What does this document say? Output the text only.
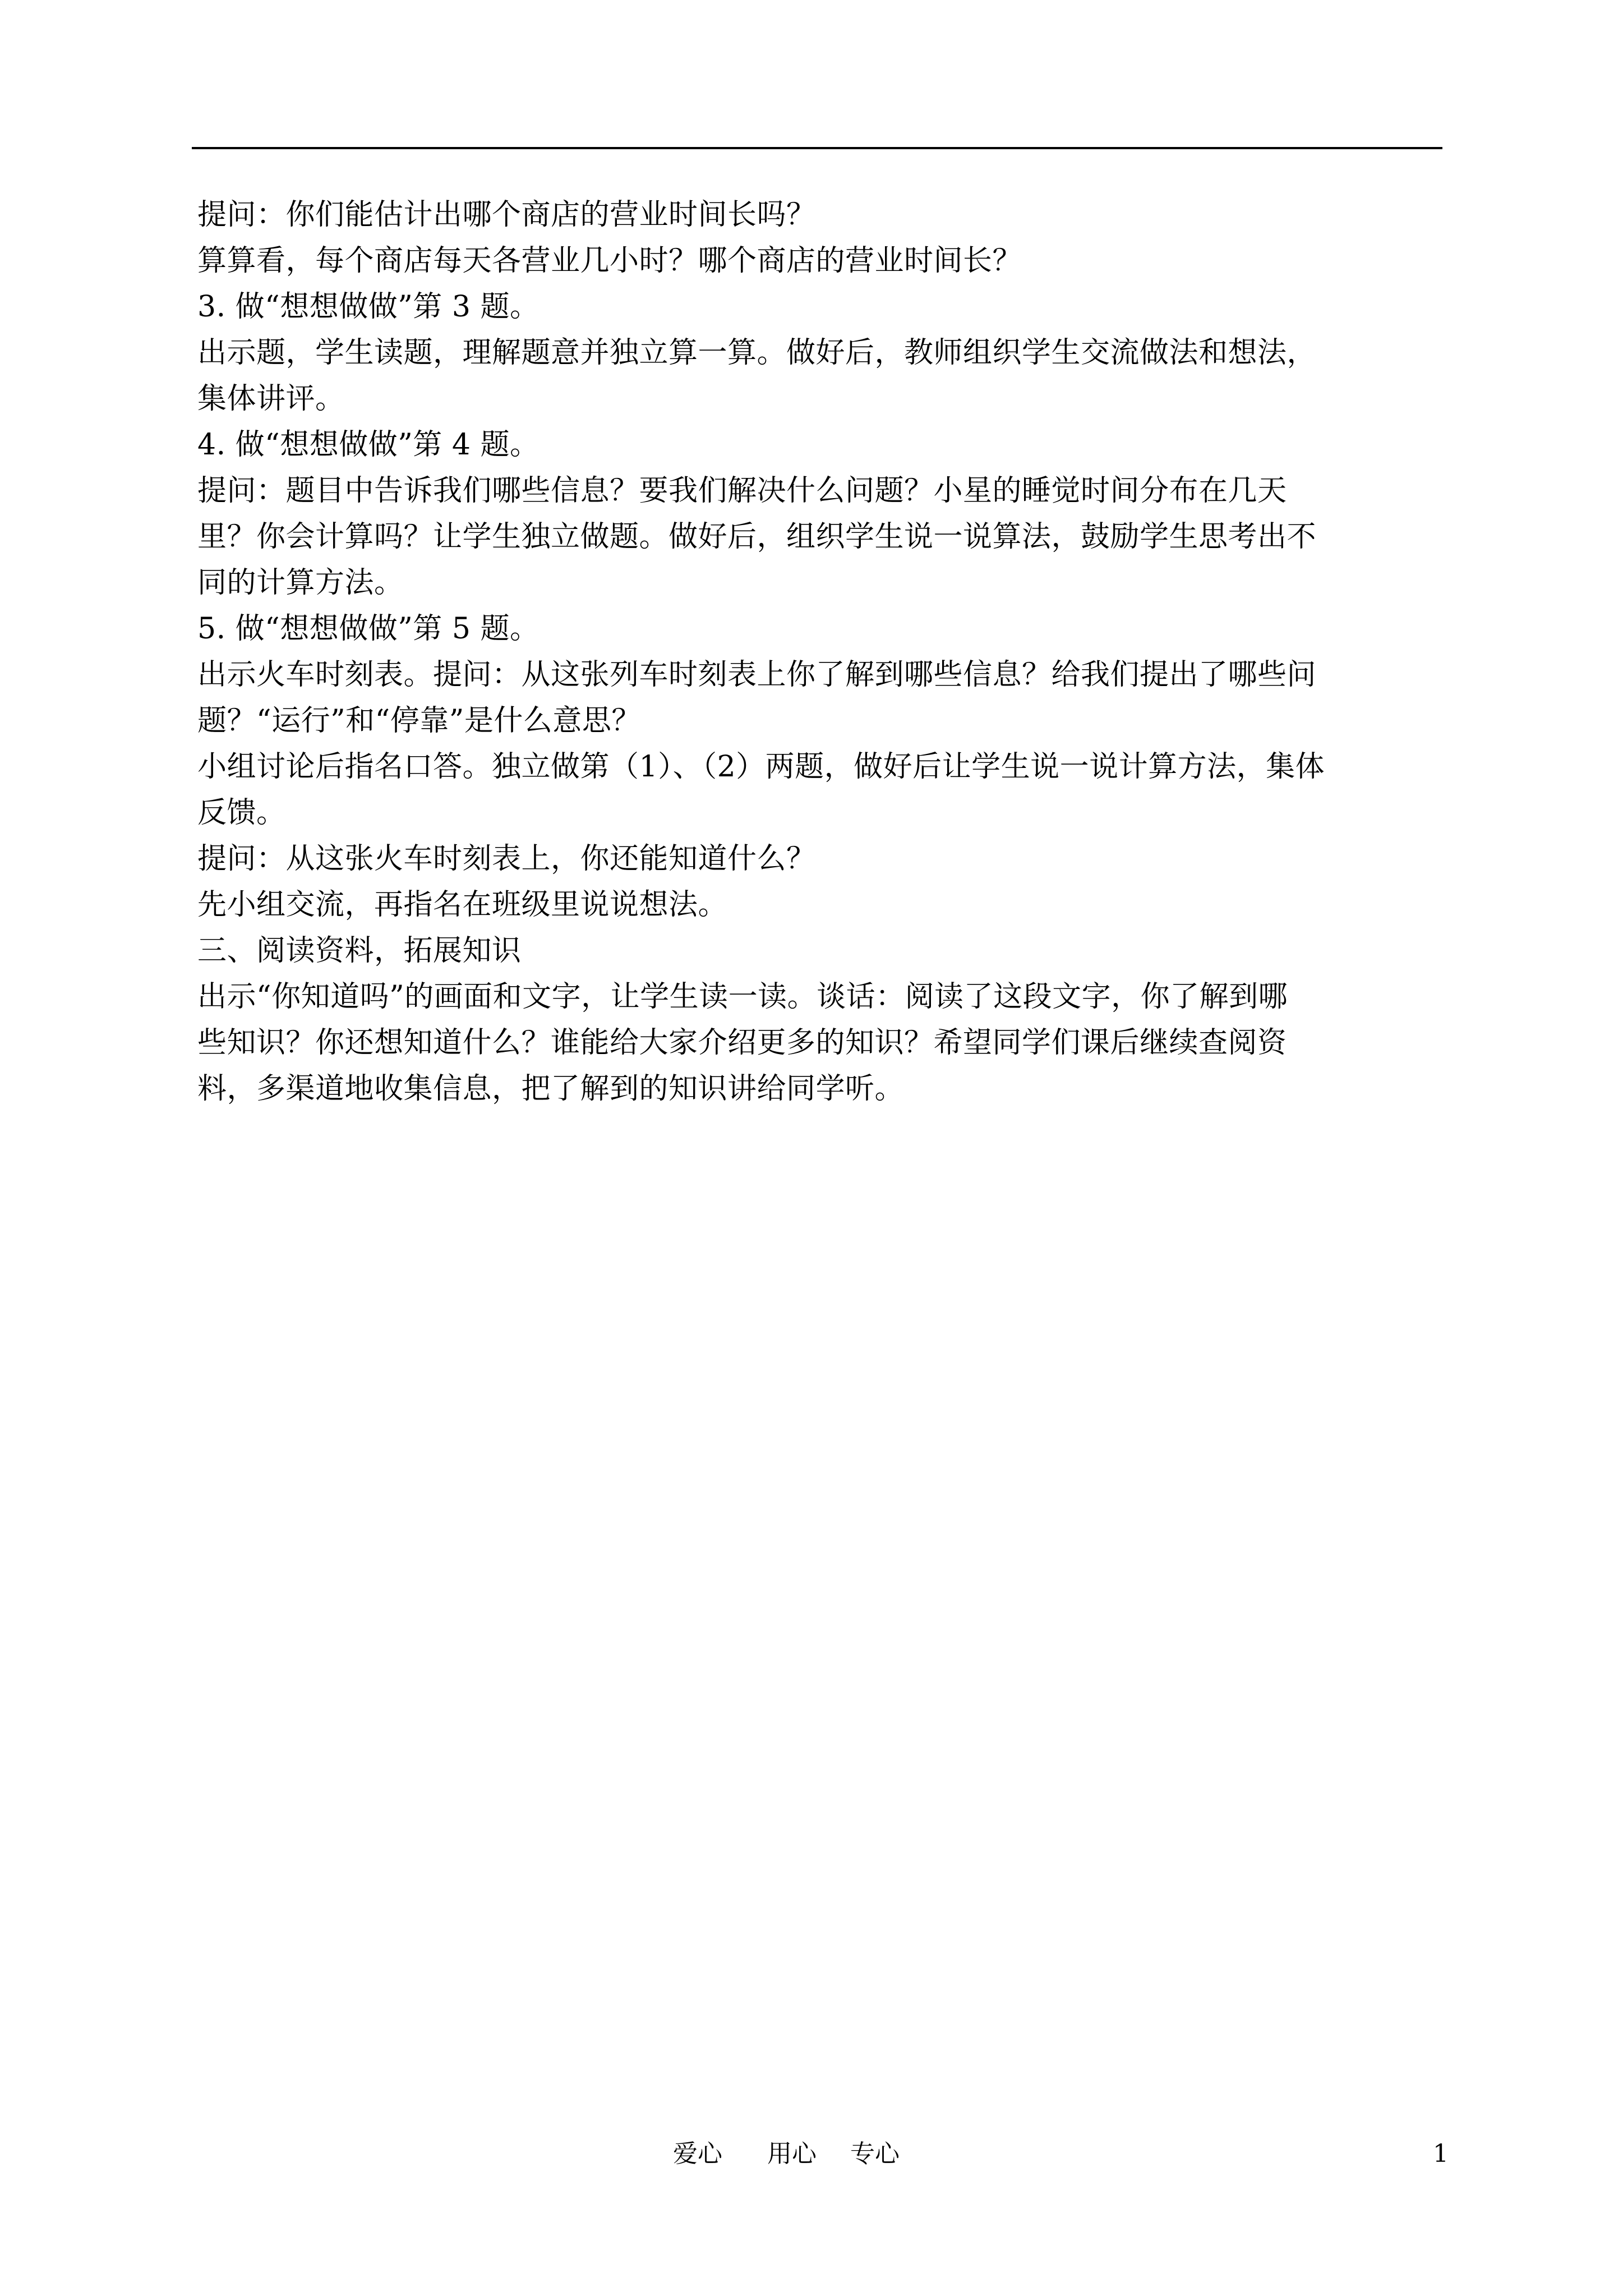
提问：你们能估计出哪个商店的营业时间长吗？
算算看，每个商店每天各营业几小时？哪个商店的营业时间长？
3. 做“想想做做”第 3 题。
出示题，学生读题，理解题意并独立算一算。做好后，教师组织学生交流做法和想法，
集体讲评。
4. 做“想想做做”第 4 题。
提问：题目中告诉我们哪些信息？要我们解决什么问题？小星的睡觉时间分布在几天
里？你会计算吗？让学生独立做题。做好后，组织学生说一说算法，鼓励学生思考出不
同的计算方法。
5. 做“想想做做”第 5 题。
出示火车时刻表。提问：从这张列车时刻表上你了解到哪些信息？给我们提出了哪些问
题？“运行”和“停靠”是什么意思？
小组讨论后指名口答。独立做第（1）、（2）两题，做好后让学生说一说计算方法，集体
反馈。
提问：从这张火车时刻表上，你还能知道什么？
先小组交流，再指名在班级里说说想法。
三、阅读资料，拓展知识
出示“你知道吗”的画面和文字，让学生读一读。谈话：阅读了这段文字，你了解到哪
些知识？你还想知道什么？谁能给大家介绍更多的知识？希望同学们课后继续查阅资
料，多渠道地收集信息，把了解到的知识讲给同学听。
爱心 用心 专心	1
